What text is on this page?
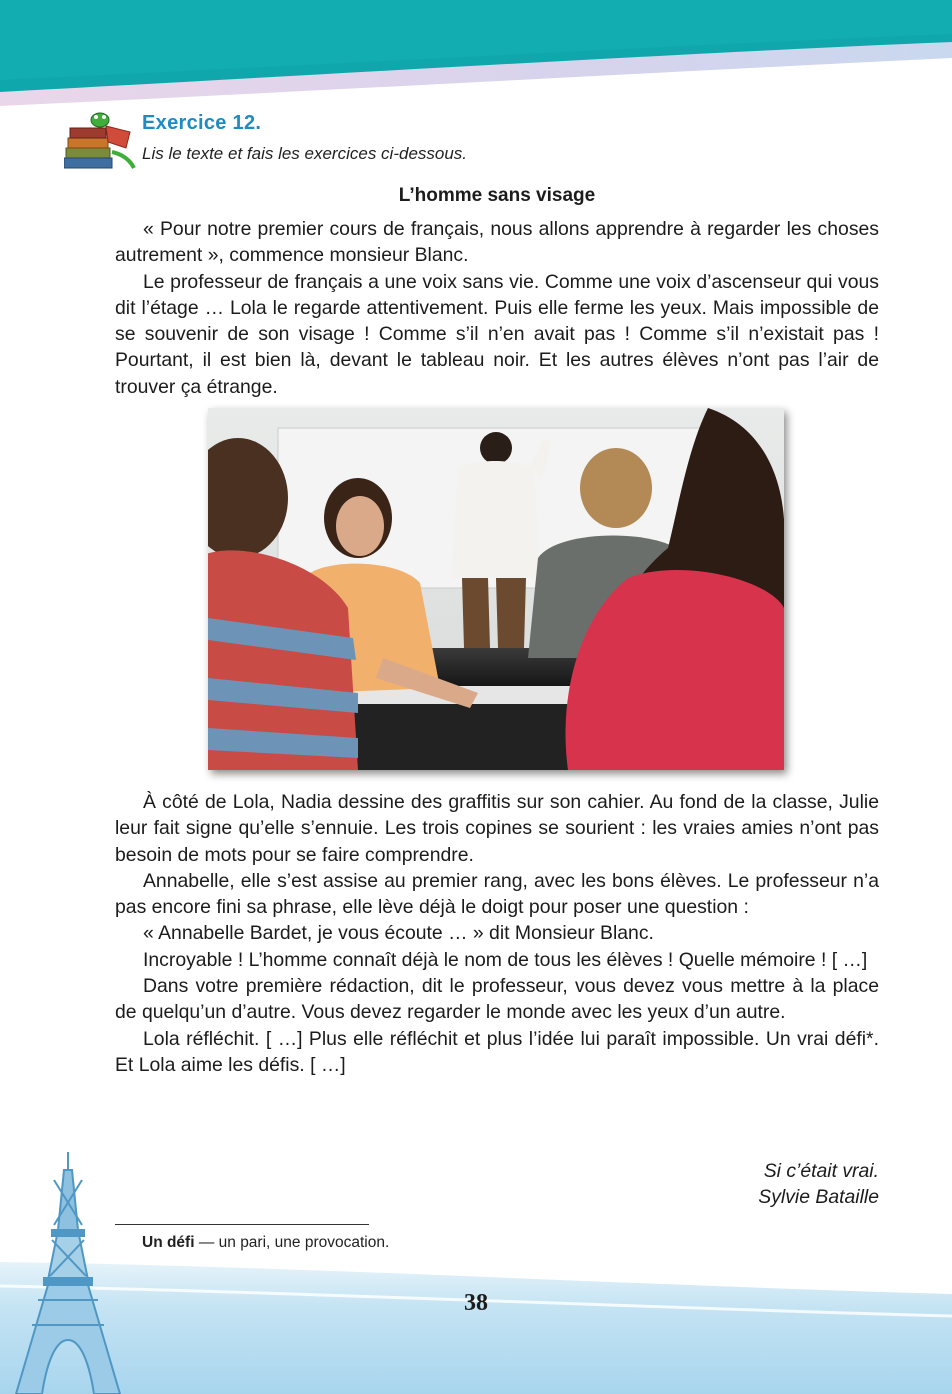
Exercice 12.
Lis le texte et fais les exercices ci-dessous.
L’homme sans visage

« Pour notre premier cours de français, nous allons apprendre à regarder les choses autrement », commence monsieur Blanc.

Le professeur de français a une voix sans vie. Comme une voix d’ascenseur qui vous dit l’étage … Lola le regarde attentivement. Puis elle ferme les yeux. Mais impossible de se souvenir de son visage ! Comme s’il n’en avait pas ! Comme s’il n’existait pas ! Pourtant, il est bien là, devant le tableau noir. Et les autres élèves n’ont pas l’air de trouver ça étrange.

À côté de Lola, Nadia dessine des graffitis sur son cahier. Au fond de la classe, Julie leur fait signe qu’elle s’ennuie. Les trois copines se sourient : les vraies amies n’ont pas besoin de mots pour se faire comprendre.

Annabelle, elle s’est assise au premier rang, avec les bons élèves. Le professeur n’a pas encore fini sa phrase, elle lève déjà le doigt pour poser une question :

« Annabelle Bardet, je vous écoute … » dit Monsieur Blanc.

Incroyable ! L’homme connaît déjà le nom de tous les élèves ! Quelle mémoire ! [ …]

Dans votre première rédaction, dit le professeur, vous devez vous mettre à la place de quelqu’un d’autre. Vous devez regarder le monde avec les yeux d’un autre.

Lola réfléchit. [ …] Plus elle réfléchit et plus l’idée lui paraît impossible. Un vrai défi*. Et Lola aime les défis. [ …]

Si c’était vrai.
Sylvie Bataille
Un défi — un pari, une provocation.
38
